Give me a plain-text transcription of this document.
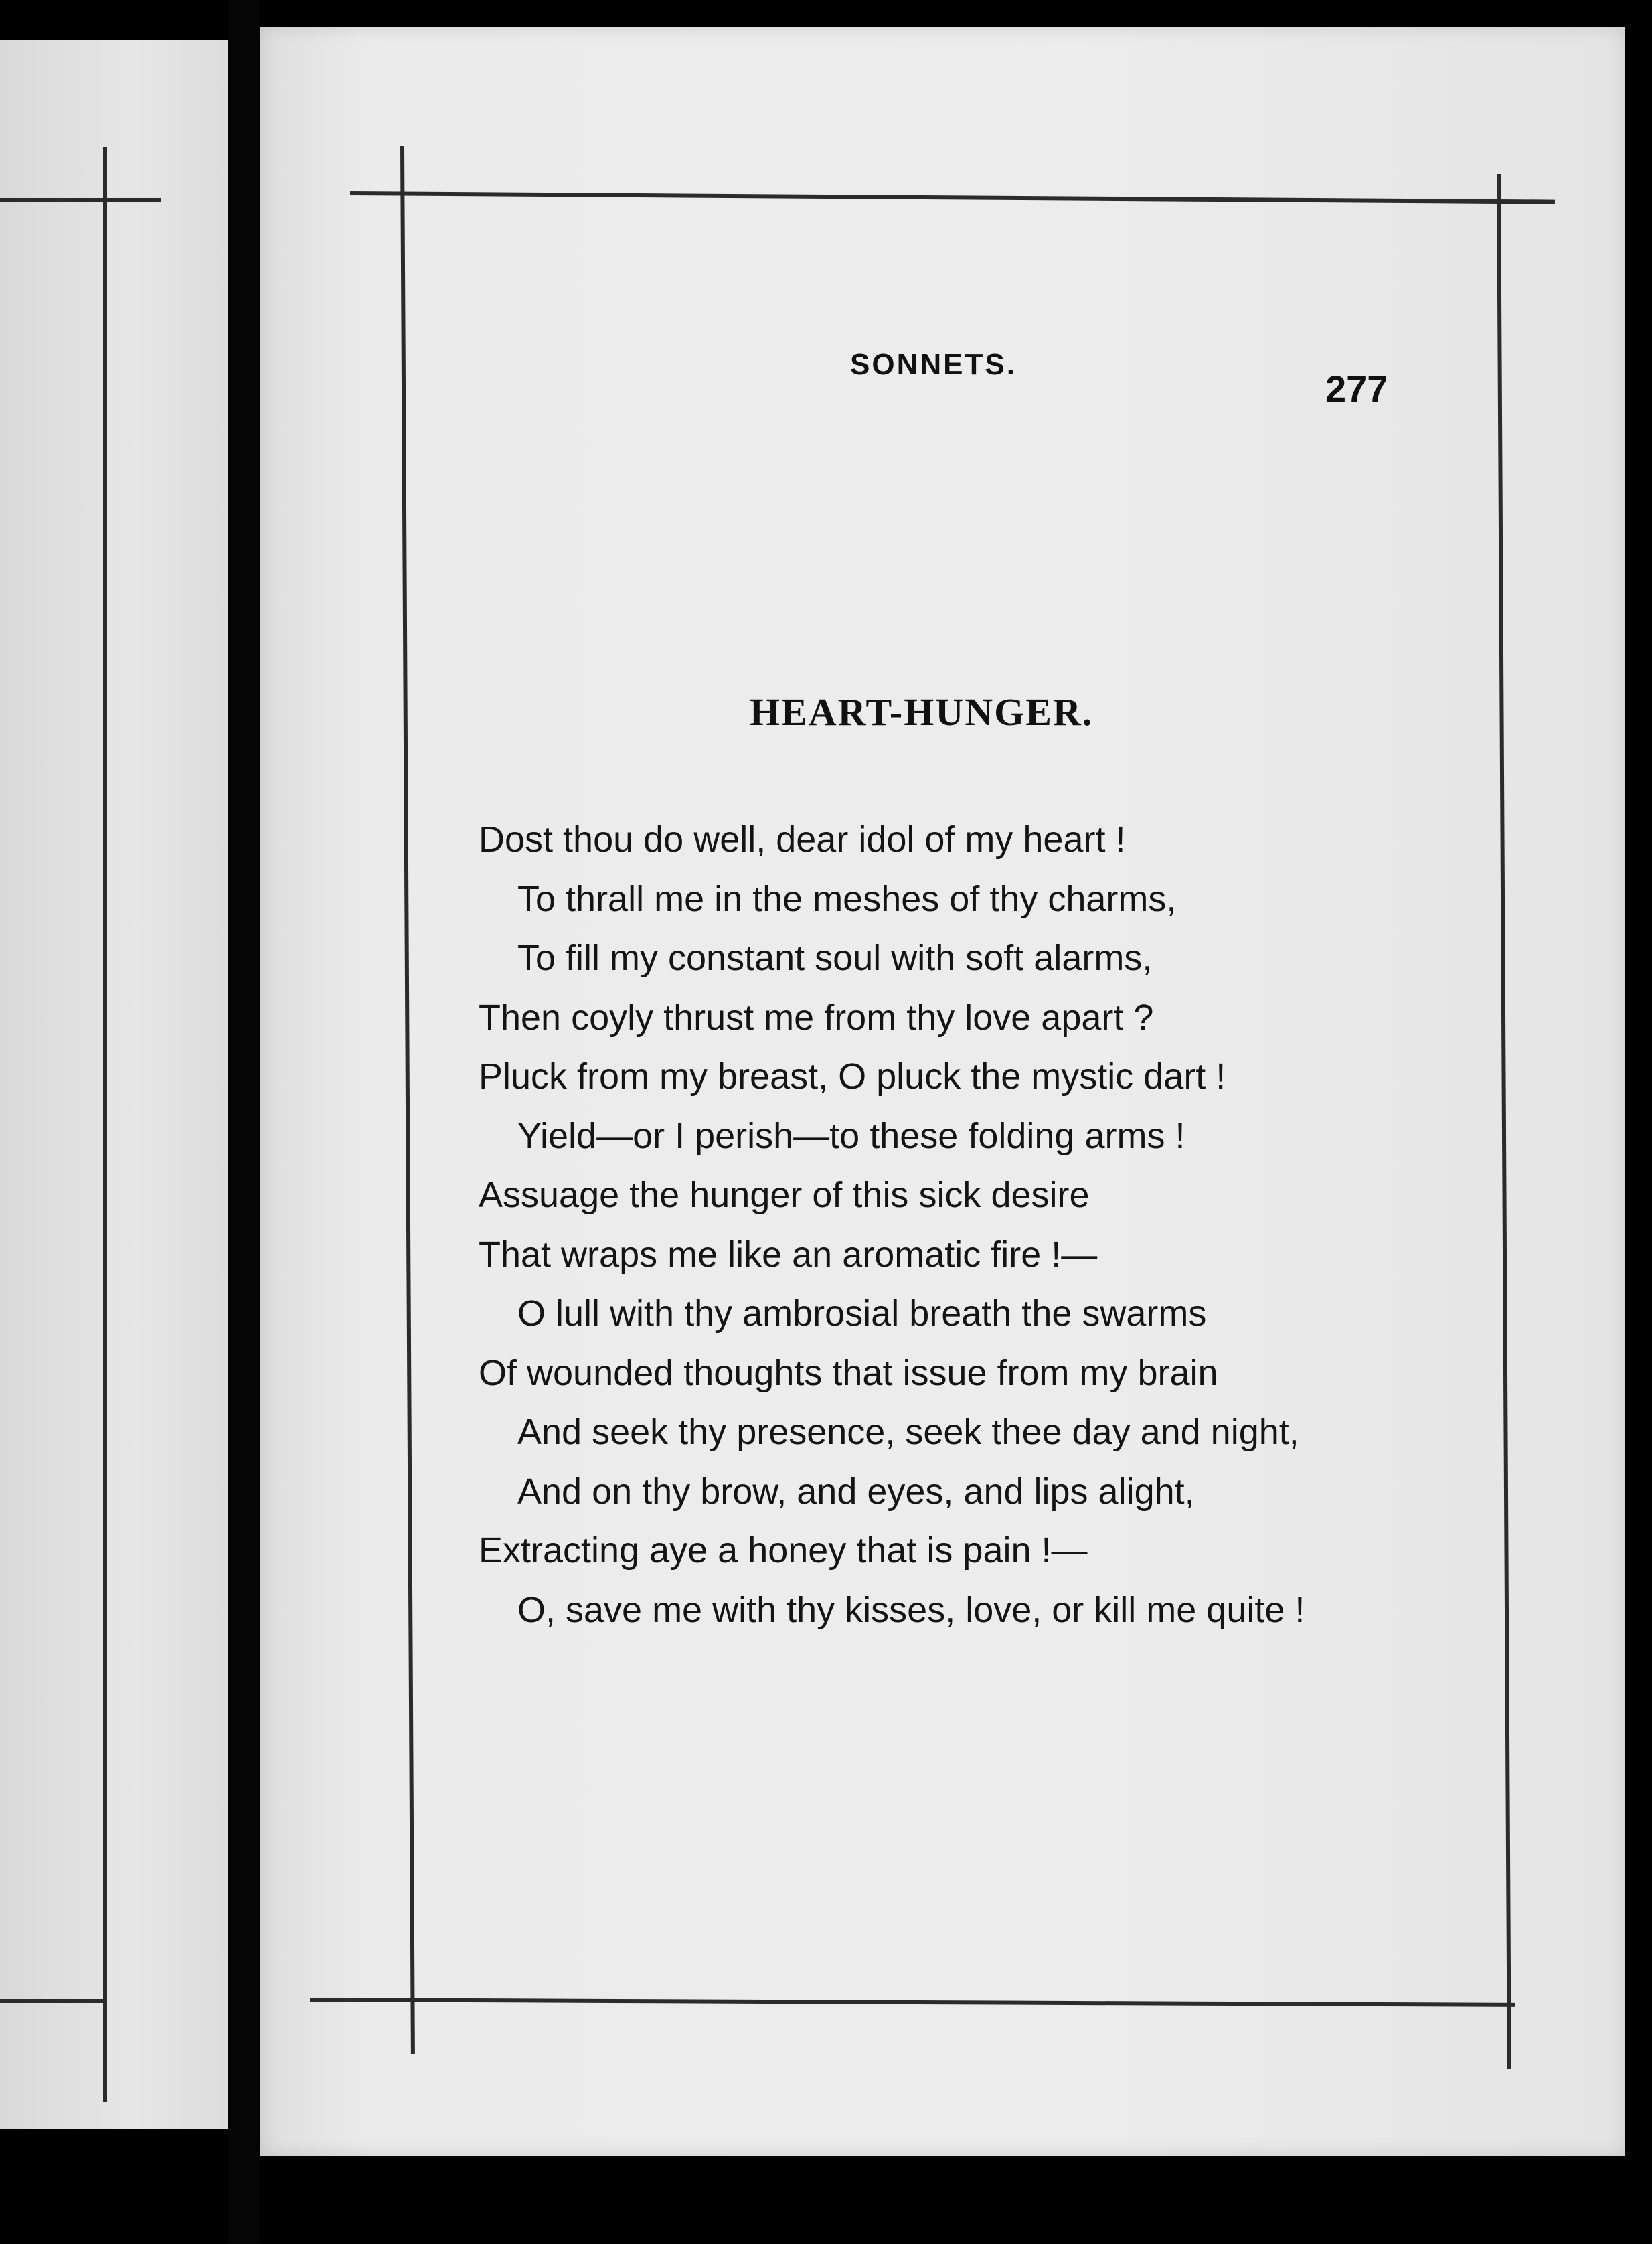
SONNETS.
277
HEART-HUNGER.
Dost thou do well, dear idol of my heart !
To thrall me in the meshes of thy charms,
To fill my constant soul with soft alarms,
Then coyly thrust me from thy love apart ?
Pluck from my breast, O pluck the mystic dart !
Yield—or I perish—to these folding arms !
Assuage the hunger of this sick desire
That wraps me like an aromatic fire !—
O lull with thy ambrosial breath the swarms
Of wounded thoughts that issue from my brain
And seek thy presence, seek thee day and night,
And on thy brow, and eyes, and lips alight,
Extracting aye a honey that is pain !—
O, save me with thy kisses, love, or kill me quite !
